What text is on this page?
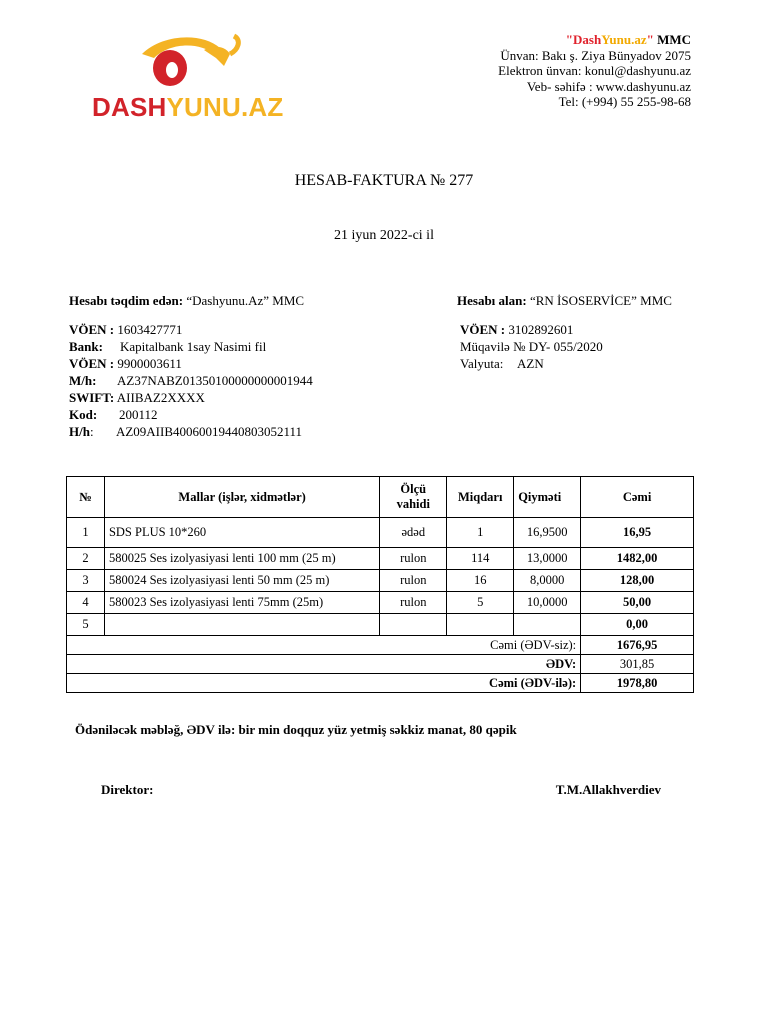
DASHYUNU.AZ
"DashYunu.az" MMC
Ünvan: Bakı ş. Ziya Bünyadov 2075
Elektron ünvan: konul@dashyunu.az
Veb- səhifə : www.dashyunu.az
Tel: (+994) 55 255-98-68
HESAB-FAKTURA № 277
21 iyun 2022-ci il
Hesabı təqdim edən: “Dashyunu.Az” MMC
VÖEN : 1603427771
Bank: Kapitalbank 1say Nasimi fil
VÖEN : 9900003611
M/h: AZ37NABZ01350100000000001944
SWIFT: AIIBAZ2XXXX
Kod: 200112
H/h: AZ09AIIB40060019440803052111
Hesabı alan: “RN İSOSERVİCE” MMC
VÖEN : 3102892601
Müqavilə № DY- 055/2020
Valyuta: AZN
№	Mallar (işlər, xidmətlər)	Ölçü vahidi	Miqdarı	Qiymәti	Cəmi
1	SDS PLUS 10*260	ədəd	1	16,9500	16,95
2	580025 Ses izolyasiyasi lenti 100 mm (25 m)	rulon	114	13,0000	1482,00
3	580024 Ses izolyasiyasi lenti 50 mm (25 m)	rulon	16	8,0000	128,00
4	580023 Ses izolyasiyasi lenti 75mm (25m)	rulon	5	10,0000	50,00
5					0,00
Cəmi (ƏDV-siz):					1676,95
ƏDV:					301,85
Cəmi (ƏDV-ilə):					1978,80
Ödəniləcək məbləğ, ƏDV ilə: bir min doqquz yüz yetmiş səkkiz manat, 80 qəpik
Direktor:	T.M.Allakhverdiev
